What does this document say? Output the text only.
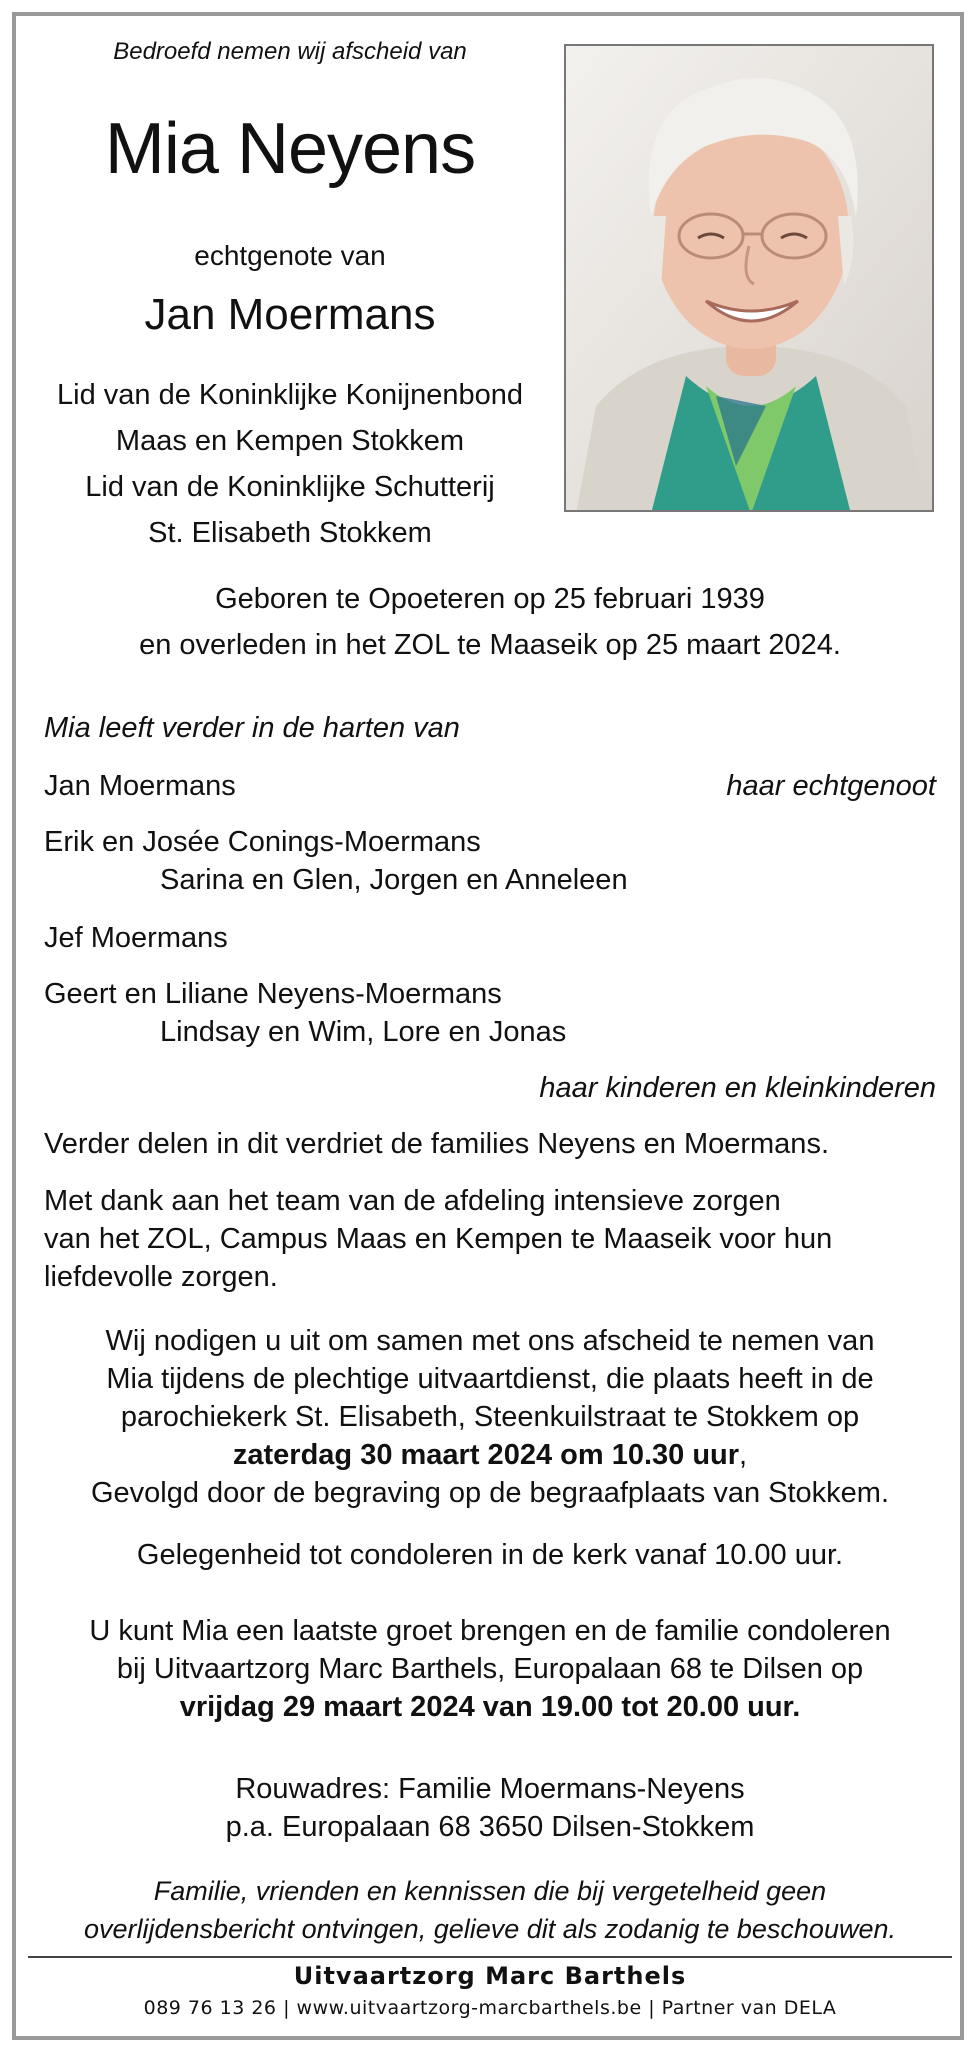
Bedroefd nemen wij afscheid van
Mia Neyens
echtgenote van
Jan Moermans
Lid van de Koninklijke Konijnenbond
Maas en Kempen Stokkem
Lid van de Koninklijke Schutterij
St. Elisabeth Stokkem
Geboren te Opoeteren op 25 februari 1939
en overleden in het ZOL te Maaseik op 25 maart 2024.
Mia leeft verder in de harten van
Jan Moermans	haar echtgenoot
Erik en Josée Conings-Moermans
Sarina en Glen, Jorgen en Anneleen
Jef Moermans
Geert en Liliane Neyens-Moermans
Lindsay en Wim, Lore en Jonas
haar kinderen en kleinkinderen
Verder delen in dit verdriet de families Neyens en Moermans.
Met dank aan het team van de afdeling intensieve zorgen
van het ZOL, Campus Maas en Kempen te Maaseik voor hun
liefdevolle zorgen.
Wij nodigen u uit om samen met ons afscheid te nemen van
Mia tijdens de plechtige uitvaartdienst, die plaats heeft in de
parochiekerk St. Elisabeth, Steenkuilstraat te Stokkem op
zaterdag 30 maart 2024 om 10.30 uur,
Gevolgd door de begraving op de begraafplaats van Stokkem.
Gelegenheid tot condoleren in de kerk vanaf 10.00 uur.
U kunt Mia een laatste groet brengen en de familie condoleren
bij Uitvaartzorg Marc Barthels, Europalaan 68 te Dilsen op
vrijdag 29 maart 2024 van 19.00 tot 20.00 uur.
Rouwadres: Familie Moermans-Neyens
p.a. Europalaan 68 3650 Dilsen-Stokkem
Familie, vrienden en kennissen die bij vergetelheid geen
overlijdensbericht ontvingen, gelieve dit als zodanig te beschouwen.
Uitvaartzorg Marc Barthels
089 76 13 26 | www.uitvaartzorg-marcbarthels.be | Partner van DELA
